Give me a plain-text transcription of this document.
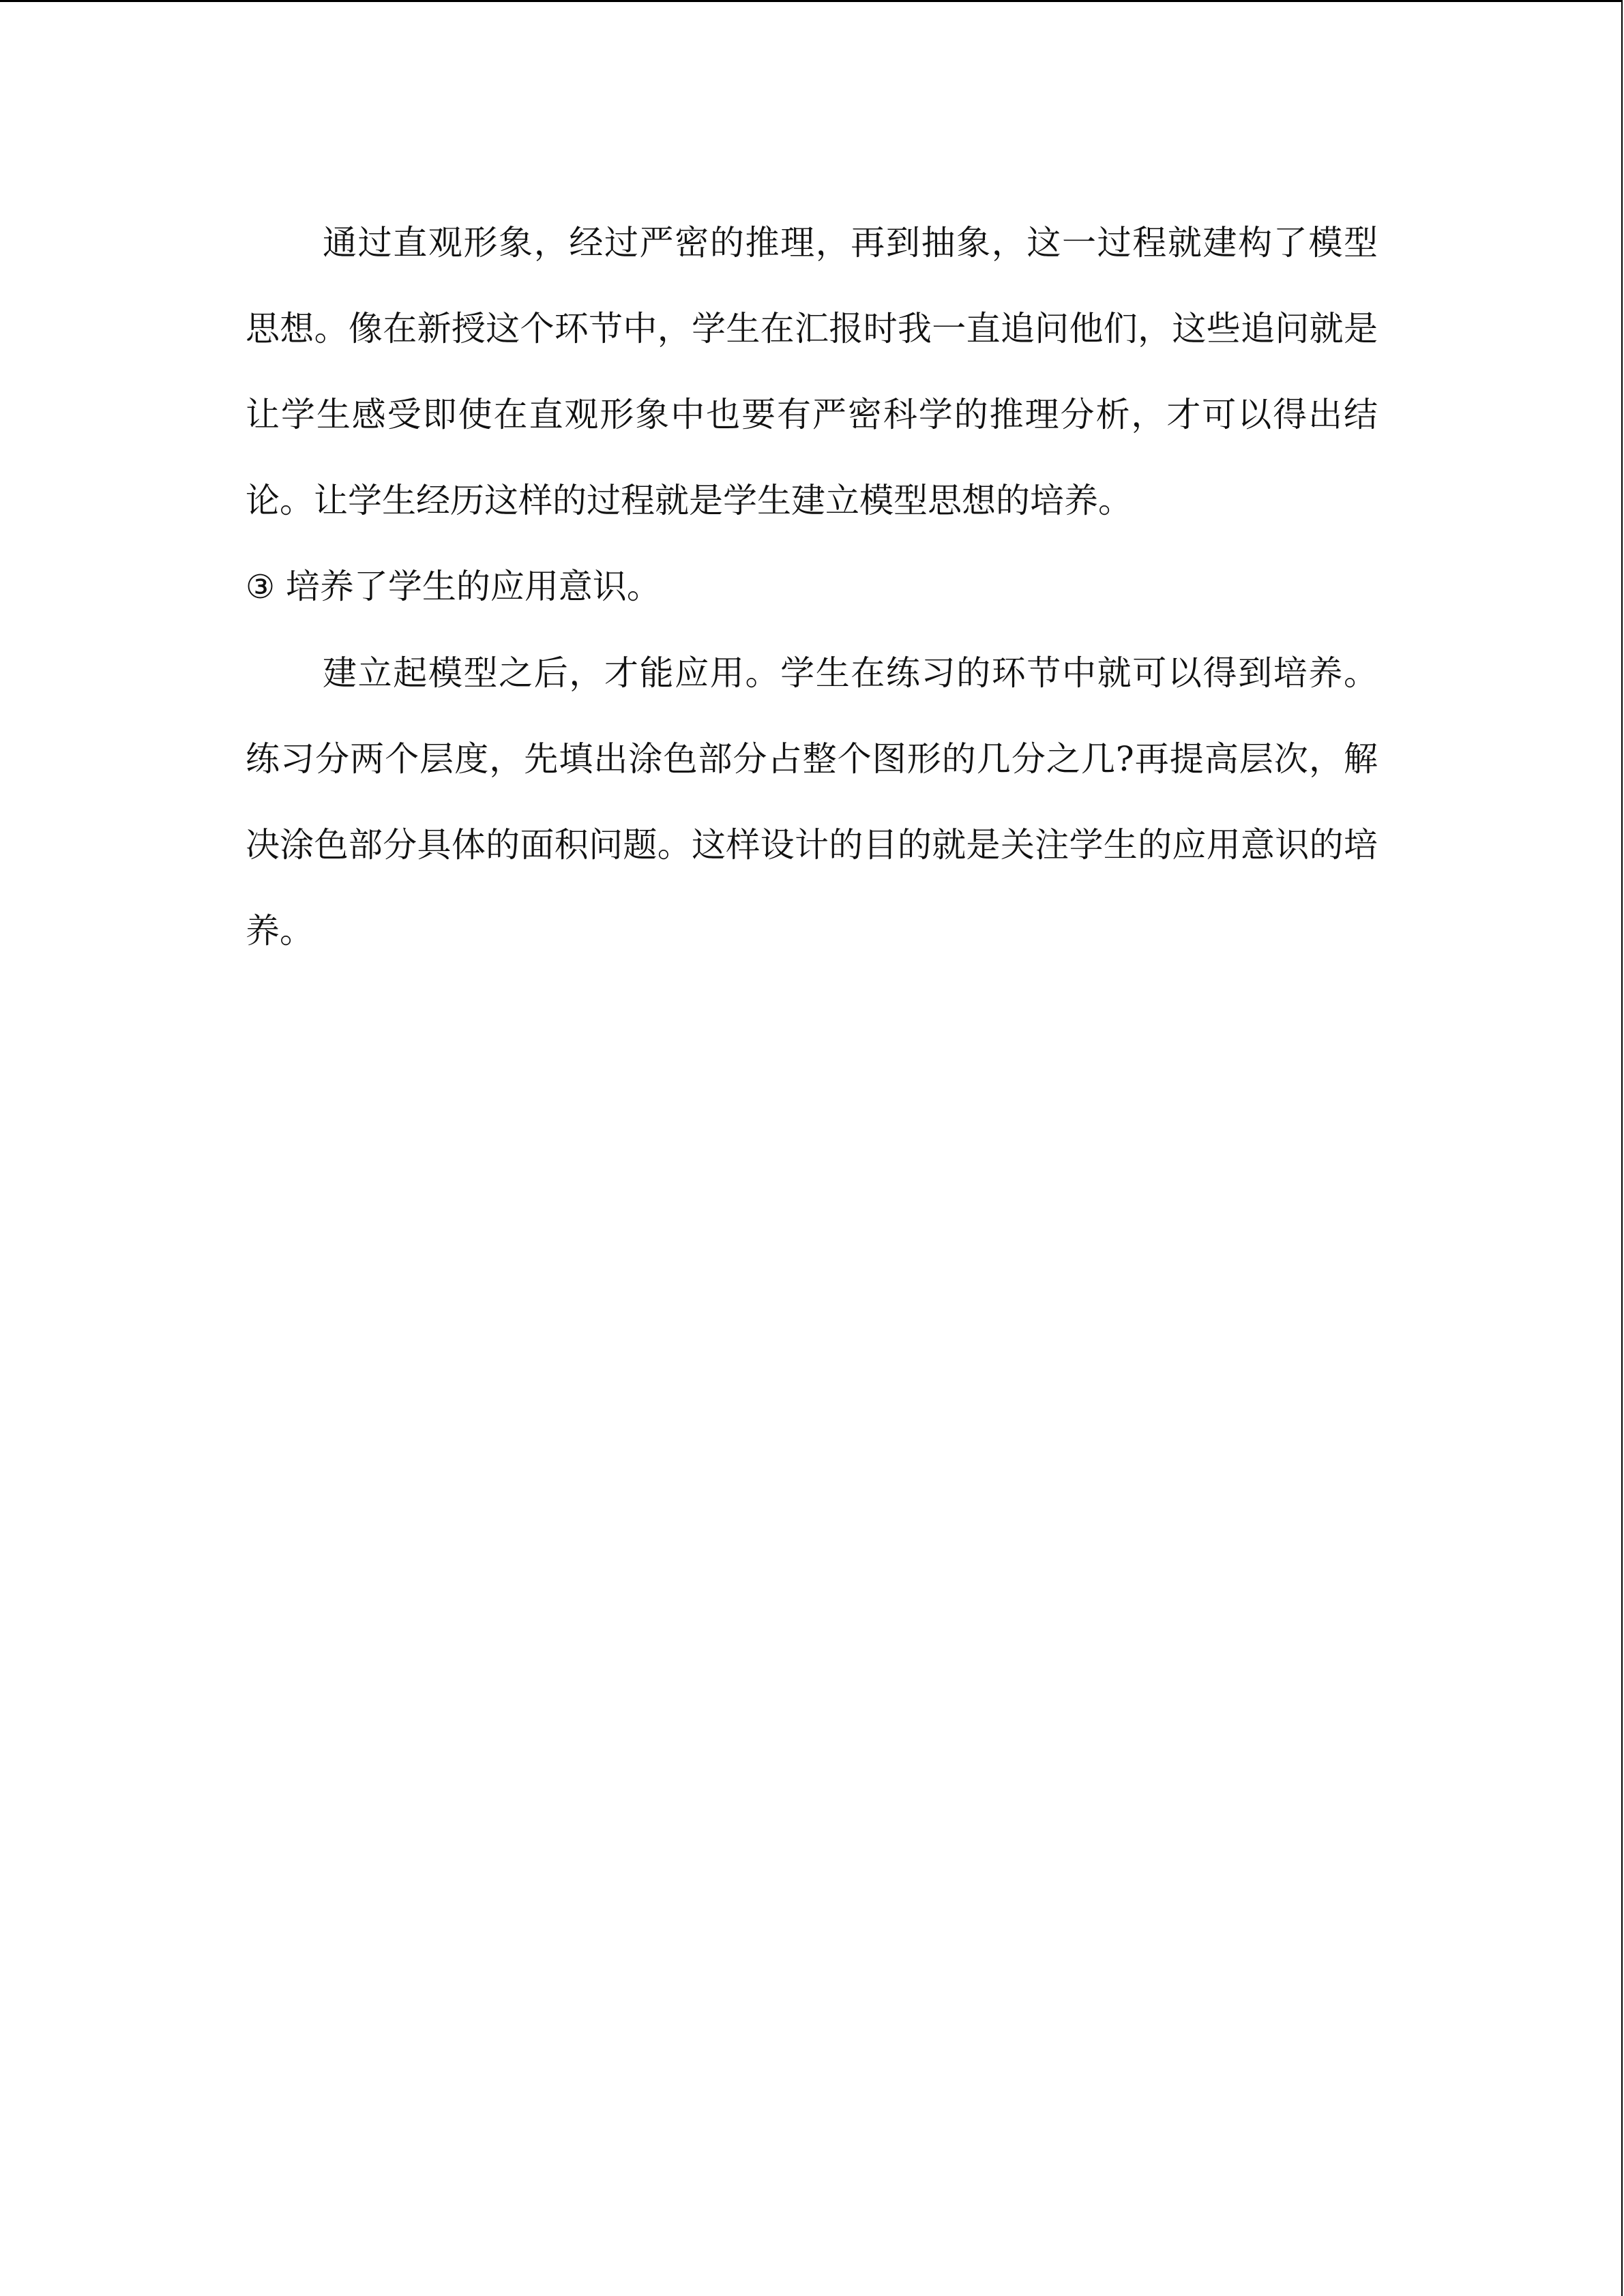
通过直观形象，经过严密的推理，再到抽象，这一过程就建构了模型思想。像在新授这个环节中，学生在汇报时我一直追问他们，这些追问就是让学生感受即使在直观形象中也要有严密科学的推理分析，才可以得出结论。让学生经历这样的过程就是学生建立模型思想的培养。

③ 培养了学生的应用意识。

建立起模型之后，才能应用。学生在练习的环节中就可以得到培养。练习分两个层度，先填出涂色部分占整个图形的几分之几?再提高层次，解决涂色部分具体的面积问题。这样设计的目的就是关注学生的应用意识的培养。
